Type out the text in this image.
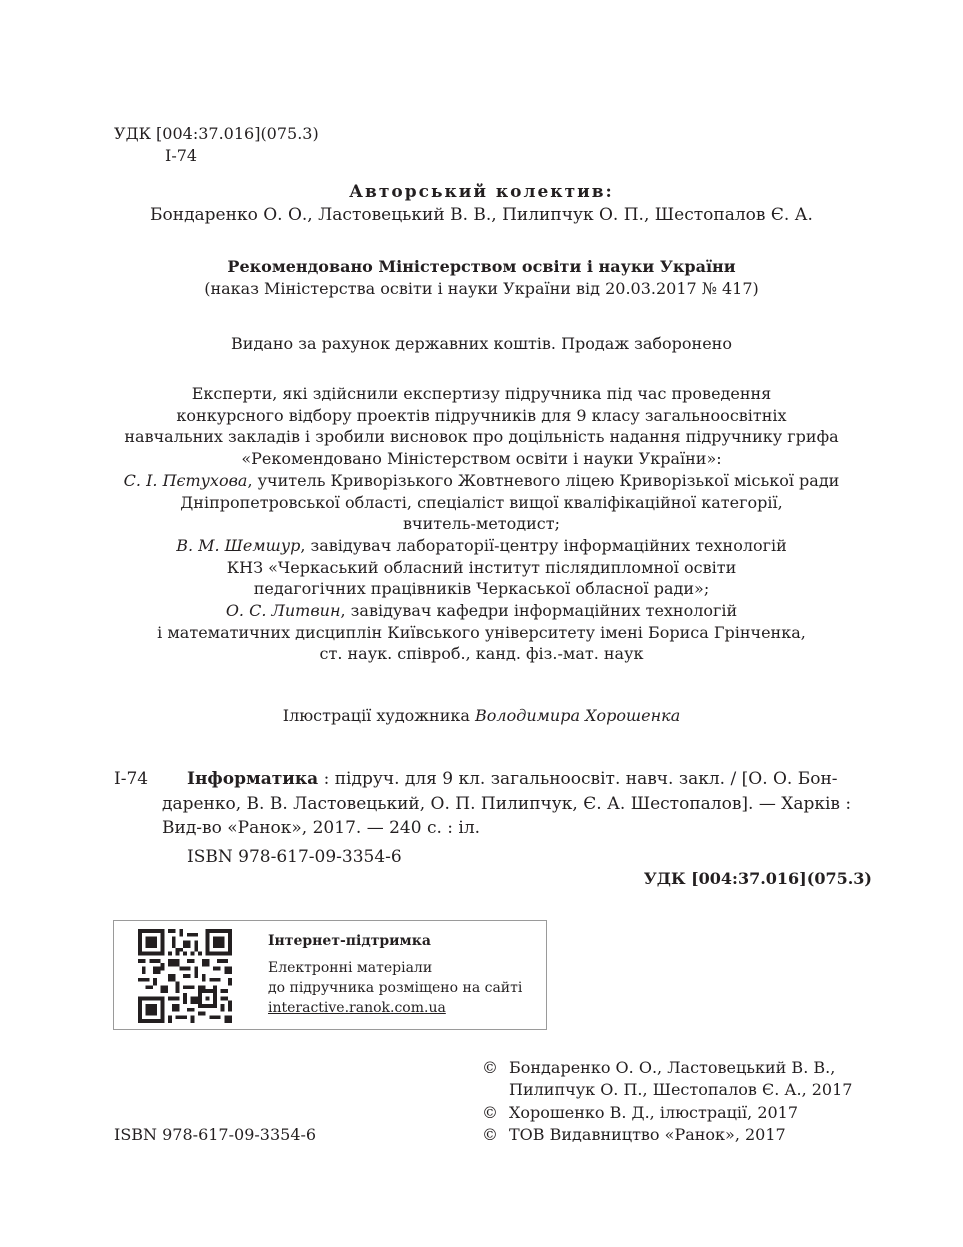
УДК [004:37.016](075.3)
І-74
Авторський колектив:
Бондаренко О. О., Ластовецький В. В., Пилипчук О. П., Шестопалов Є. А.
Рекомендовано Міністерством освіти і науки України
(наказ Міністерства освіти і науки України від 20.03.2017 № 417)
Видано за рахунок державних коштів. Продаж заборонено
Експерти, які здійснили експертизу підручника під час проведення
конкурсного відбору проектів підручників для 9 класу загальноосвітніх
навчальних закладів і зробили висновок про доцільність надання підручнику грифа
«Рекомендовано Міністерством освіти і науки України»:
С. І. Пєтухова, учитель Криворізького Жовтневого ліцею Криворізької міської ради
Дніпропетровської області, спеціаліст вищої кваліфікаційної категорії,
вчитель-методист;
В. М. Шемшур, завідувач лабораторії-центру інформаційних технологій
КНЗ «Черкаський обласний інститут післядипломної освіти
педагогічних працівників Черкаської обласної ради»;
О. С. Литвин, завідувач кафедри інформаційних технологій
і математичних дисциплін Київського університету імені Бориса Грінченка,
ст. наук. співроб., канд. фіз.-мат. наук
Ілюстрації художника Володимира Хорошенка
І-74 Інформатика : підруч. для 9 кл. загальноосвіт. навч. закл. / [О. О. Бон-
даренко, В. В. Ластовецький, О. П. Пилипчук, Є. А. Шестопалов]. — Харків :
Вид-во «Ранок», 2017. — 240 с. : іл.
ISBN 978-617-09-3354-6
УДК [004:37.016](075.3)
Інтернет-підтримка
Електронні матеріали
до підручника розміщено на сайті
interactive.ranok.com.ua
ISBN 978-617-09-3354-6
© Бондаренко О. О., Ластовецький В. В.,
Пилипчук О. П., Шестопалов Є. А., 2017
© Хорошенко В. Д., ілюстрації, 2017
© ТОВ Видавництво «Ранок», 2017
